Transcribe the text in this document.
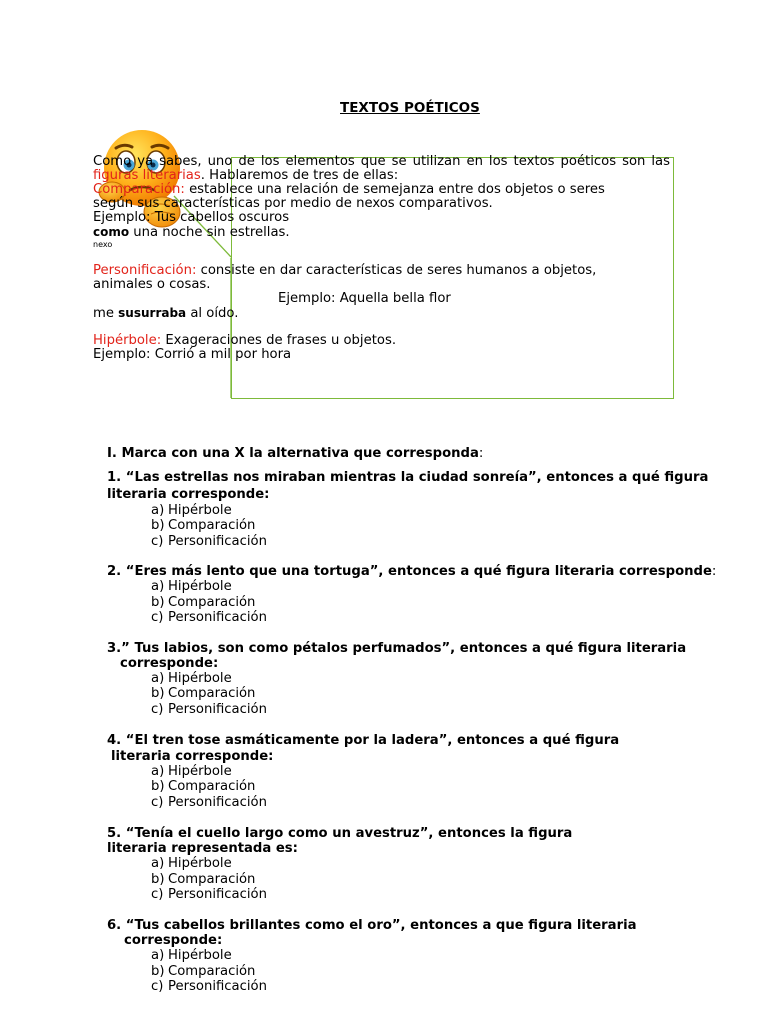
TEXTOS POÉTICOS
Como ya sabes, uno de los elementos que se utilizan en los textos poéticos son las figuras literarias. Hablaremos de tres de ellas:
Comparación: establece una relación de semejanza entre dos objetos o seres
según sus características por medio de nexos comparativos.
Ejemplo: Tus cabellos oscuros
como una noche sin estrellas.
nexo
Personificación: consiste en dar características de seres humanos a objetos,
animales o cosas.
Ejemplo: Aquella bella flor
me susurraba al oído.
Hipérbole: Exageraciones de frases u objetos.
Ejemplo: Corrió a mil por hora
I. Marca con una X la alternativa que corresponda:
1. “Las estrellas nos miraban mientras la ciudad sonreía”, entonces a qué figura
literaria corresponde:
a) Hipérbole
b) Comparación
c) Personificación
2. “Eres más lento que una tortuga”, entonces a qué figura literaria corresponde:
a) Hipérbole
b) Comparación
c) Personificación
3.” Tus labios, son como pétalos perfumados”, entonces a qué figura literaria
corresponde:
a) Hipérbole
b) Comparación
c) Personificación
4. “El tren tose asmáticamente por la ladera”, entonces a qué figura
literaria corresponde:
a) Hipérbole
b) Comparación
c) Personificación
5. “Tenía el cuello largo como un avestruz”, entonces la figura
literaria representada es:
a) Hipérbole
b) Comparación
c) Personificación
6. “Tus cabellos brillantes como el oro”, entonces a que figura literaria
corresponde:
a) Hipérbole
b) Comparación
c) Personificación
